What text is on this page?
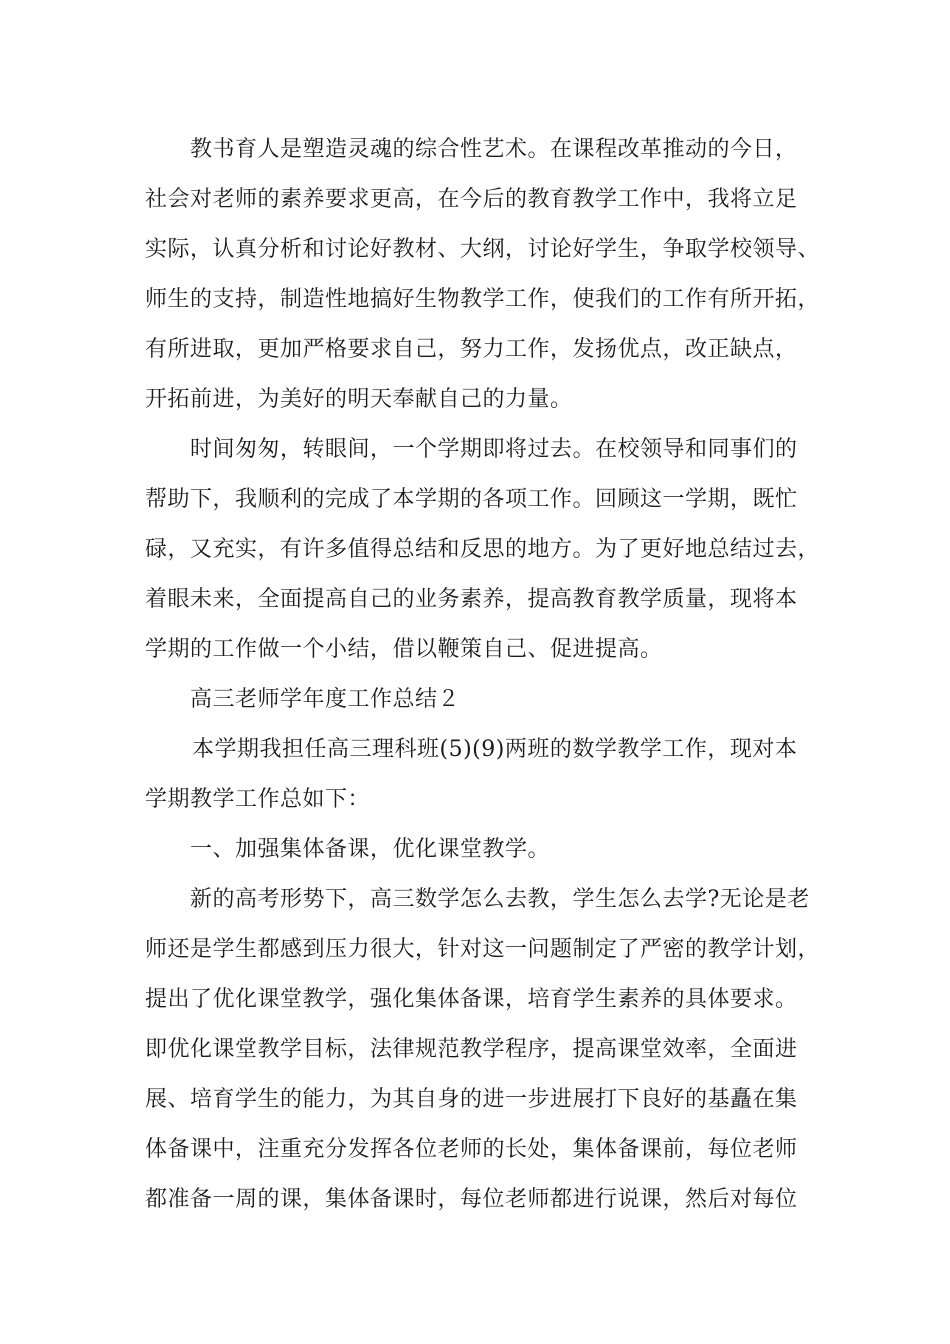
教书育人是塑造灵魂的综合性艺术。在课程改革推动的今日，
社会对老师的素养要求更高，在今后的教育教学工作中，我将立足
实际，认真分析和讨论好教材、大纲，讨论好学生，争取学校领导、
师生的支持，制造性地搞好生物教学工作，使我们的工作有所开拓，
有所进取，更加严格要求自己，努力工作，发扬优点，改正缺点，
开拓前进，为美好的明天奉献自己的力量。
时间匆匆，转眼间，一个学期即将过去。在校领导和同事们的
帮助下，我顺利的完成了本学期的各项工作。回顾这一学期，既忙
碌，又充实，有许多值得总结和反思的地方。为了更好地总结过去，
着眼未来，全面提高自己的业务素养，提高教育教学质量，现将本
学期的工作做一个小结，借以鞭策自己、促进提高。
高三老师学年度工作总结２
本学期我担任高三理科班(5)(9)两班的数学教学工作，现对本
学期教学工作总如下：
一、加强集体备课，优化课堂教学。
新的高考形势下，高三数学怎么去教，学生怎么去学?无论是老
师还是学生都感到压力很大，针对这一问题制定了严密的教学计划，
提出了优化课堂教学，强化集体备课，培育学生素养的具体要求。
即优化课堂教学目标，法律规范教学程序，提高课堂效率，全面进
展、培育学生的能力，为其自身的进一步进展打下良好的基矗在集
体备课中，注重充分发挥各位老师的长处，集体备课前，每位老师
都准备一周的课，集体备课时，每位老师都进行说课，然后对每位
